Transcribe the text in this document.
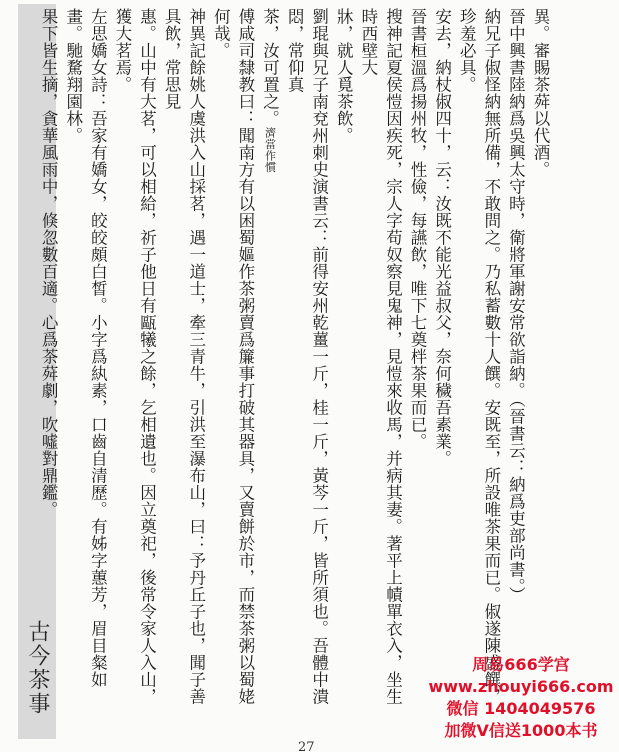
古今茶事
異。審賜茶荈以代酒。
晉中興書陸納爲吳興太守時，衛將軍謝安常欲詣納。（晉書云：納爲吏部尚書。）
納兄子俶怪納無所備，不敢問之。乃私蓄數十人饌。安既至，所設唯茶果而已。俶遂陳盛饌，珍羞必具。
安去，納杖俶四十，云：汝既不能光益叔父，奈何穢吾素業。
晉書桓溫爲揚州牧，性儉，每讌飲，唯下七奠柈茶果而已。
搜神記夏侯愷因疾死，宗人字苟奴察見鬼神，見愷來收馬，并病其妻。著平上幘單衣入，坐生時西壁大
牀，就人覓茶飲。
劉琨與兄子南兗州刺史演書云：前得安州乾薑一斤，桂一斤，黃芩一斤，皆所須也。吾體中潰悶，常仰真
茶，汝可置之。濟當作慣
傅咸司隸教曰：聞南方有以困蜀嫗作茶粥賣爲簾事打破其器具，又賣餅於市，而禁茶粥以蜀姥何哉。
神異記餘姚人虞洪入山採茗，遇一道士，牽三青牛，引洪至瀑布山，曰：予丹丘子也，聞子善具飲，常思見
惠。山中有大茗，可以相給，祈子他日有甌犧之餘，乞相遺也。因立奠祀，後常令家人入山，獲大茗焉。
左思嬌女詩：吾家有嬌女，皎皎頗白皙。小字爲紈素，口齒自清歷。有姊字蕙芳，眉目粲如畫。馳騖翔園林。
果下皆生摘，貪華風雨中，倏忽數百適。心爲茶荈劇，吹噓對鼎鑑。
27
周易666学宫
www.zhouyi666.com
微信 1404049576
加微V信送1000本书
